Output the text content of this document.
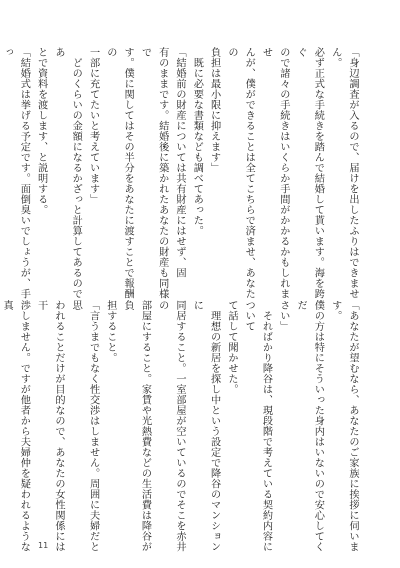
「身辺調査が入るので、届けを出したふりはできません。
必ず正式な手続きを踏んで結婚して貰います。海を跨ぐ
ので諸々の手続きはいくらか手間がかかるかもしれませ
んが、僕ができることは全てこちらで済ませ、あなたの
負担は最小限に抑えます」
　既に必要な書類なども調べてあった。
「結婚前の財産については共有財産にはせず、固
有のままです。結婚後に築かれたあなたの財産も同様で
す。僕に関してはその半分をあなたに渡すことで報酬の
一部に充てたいと考えています」
　どのくらいの金額になるかざっと計算してあるのであ
とで資料を渡します、と説明する。
「結婚式は挙げる予定です。面倒臭いでしょうが、手っ

「あなたが望むなら、あなたのご家族に挨拶に伺います。
僕の方は特にそういった身内はいないので安心してくだ
さい」
　そればかり降谷は、現段階で考えている契約内容について
て話して聞かせた。
　理想の新居を探し中という設定で降谷のマンションに
同居すること。一室部屋が空いているのでそこを赤井の
部屋にすること。家賃や光熱費などの生活費は降谷が負
担すること。
「言うまでもなく性交渉はしません。周囲に夫婦だと思
われることだけが目的なので、あなたの女性関係には干
渉しません。ですが他者から夫婦仲を疑われるような真

11
